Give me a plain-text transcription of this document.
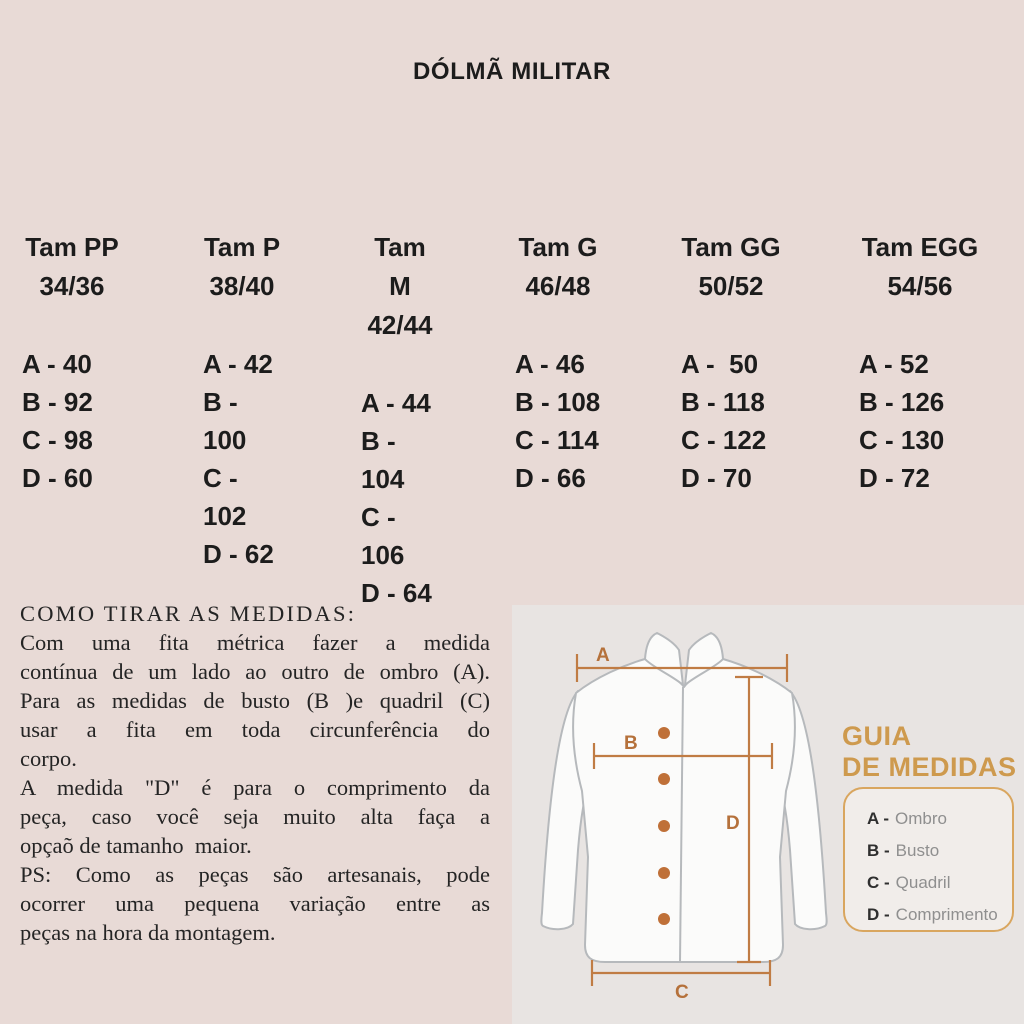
DÓLMÃ MILITAR
Tam PP
34/36
A - 40
B - 92
C - 98
D - 60
Tam P
38/40
A - 42
B - 100
C - 102
D - 62
Tam M
42/44
A - 44
B - 104
C - 106
D - 64
Tam G
46/48
A - 46
B - 108
C - 114
D - 66
Tam GG
50/52
A -  50
B - 118
C - 122
D - 70
Tam EGG
54/56
A - 52
B - 126
C - 130
D - 72
COMO TIRAR AS MEDIDAS:
Com uma fita métrica fazer a medida
contínua de um lado ao outro de ombro (A).
Para as medidas de busto (B )e quadril (C)
usar a fita em toda circunferência do
corpo.
A medida "D" é para o comprimento da
peça, caso você seja muito alta faça a
opçaõ de tamanho  maior.
PS: Como as peças são artesanais, pode
ocorrer uma pequena variação entre as
peças na hora da montagem.
A
B
D
C
GUIA
DE MEDIDAS
A - Ombro
B - Busto
C - Quadril
D - Comprimento
